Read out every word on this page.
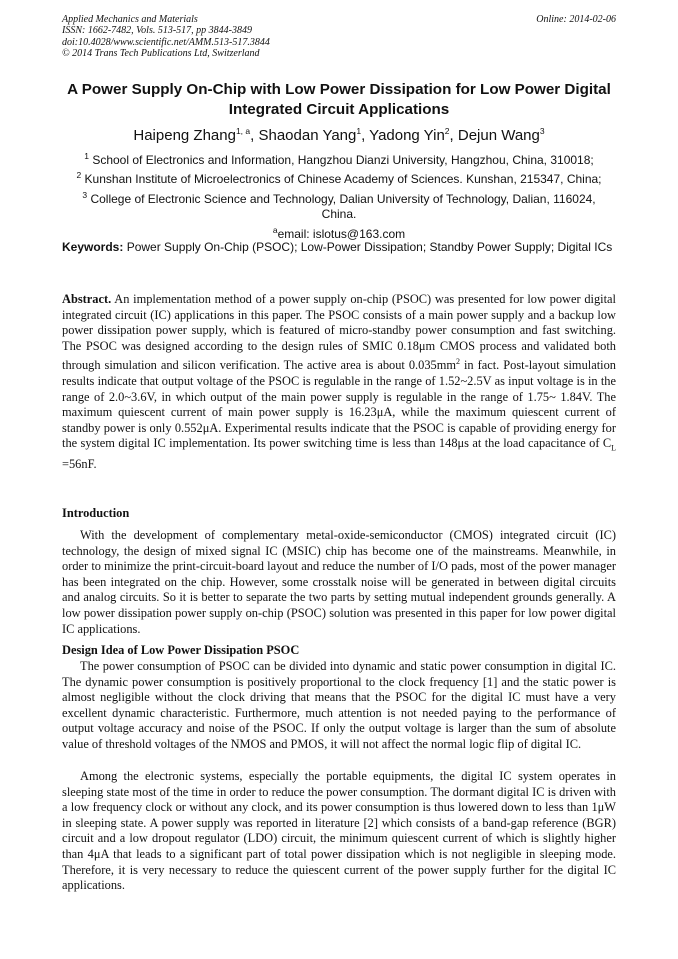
Applied Mechanics and Materials
ISSN: 1662-7482, Vols. 513-517, pp 3844-3849
doi:10.4028/www.scientific.net/AMM.513-517.3844
© 2014 Trans Tech Publications Ltd, Switzerland
Online: 2014-02-06
A Power Supply On-Chip with Low Power Dissipation for Low Power Digital Integrated Circuit Applications
Haipeng Zhang$^{1, a}$, Shaodan Yang$^1$, Yadong Yin$^2$, Dejun Wang$^3$
$^1$ School of Electronics and Information, Hangzhou Dianzi University, Hangzhou, China, 310018;
$^2$ Kunshan Institute of Microelectronics of Chinese Academy of Sciences. Kunshan, 215347, China;
$^3$ College of Electronic Science and Technology, Dalian University of Technology, Dalian, 116024,
China.
$^a$email: islotus@163.com
Keywords: Power Supply On-Chip (PSOC); Low-Power Dissipation; Standby Power Supply; Digital ICs
Abstract. An implementation method of a power supply on-chip (PSOC) was presented for low power digital integrated circuit (IC) applications in this paper. The PSOC consists of a main power supply and a backup low power dissipation power supply, which is featured of micro-standby power consumption and fast switching. The PSOC was designed according to the design rules of SMIC 0.18μm CMOS process and validated both through simulation and silicon verification. The active area is about $0.035mm^2$ in fact. Post-layout simulation results indicate that output voltage of the PSOC is regulable in the range of 1.52~2.5V as input voltage is in the range of 2.0~3.6V, in which output of the main power supply is regulable in the range of 1.75~ 1.84V. The maximum quiescent current of main power supply is 16.23μA, while the maximum quiescent current of standby power is only 0.552μA. Experimental results indicate that the PSOC is capable of providing energy for the system digital IC implementation. Its power switching time is less than 148μs at the load capacitance of $C_L =56nF$.
Introduction
With the development of complementary metal-oxide-semiconductor (CMOS) integrated circuit (IC) technology, the design of mixed signal IC (MSIC) chip has become one of the mainstreams. Meanwhile, in order to minimize the print-circuit-board layout and reduce the number of I/O pads, most of the power manager has been integrated on the chip. However, some crosstalk noise will be generated in between digital circuits and analog circuits. So it is better to separate the two parts by setting mutual independent grounds generally. A low power dissipation power supply on-chip (PSOC) solution was presented in this paper for low power digital IC applications.
Design Idea of Low Power Dissipation PSOC
The power consumption of PSOC can be divided into dynamic and static power consumption in digital IC. The dynamic power consumption is positively proportional to the clock frequency [1] and the static power is almost negligible without the clock driving that means that the PSOC for the digital IC must have a very excellent dynamic characteristic. Furthermore, much attention is not needed paying to the performance of output voltage accuracy and noise of the PSOC. If only the output voltage is larger than the sum of absolute value of threshold voltages of the NMOS and PMOS, it will not affect the normal logic flip of digital IC.
Among the electronic systems, especially the portable equipments, the digital IC system operates in sleeping state most of the time in order to reduce the power consumption. The dormant digital IC is driven with a low frequency clock or without any clock, and its power consumption is thus lowered down to less than 1μW in sleeping state. A power supply was reported in literature [2] which consists of a band-gap reference (BGR) circuit and a low dropout regulator (LDO) circuit, the minimum quiescent current of which is slightly higher than 4μA that leads to a significant part of total power dissipation which is not negligible in sleeping mode. Therefore, it is very necessary to reduce the quiescent current of the power supply further for the digital IC applications.
